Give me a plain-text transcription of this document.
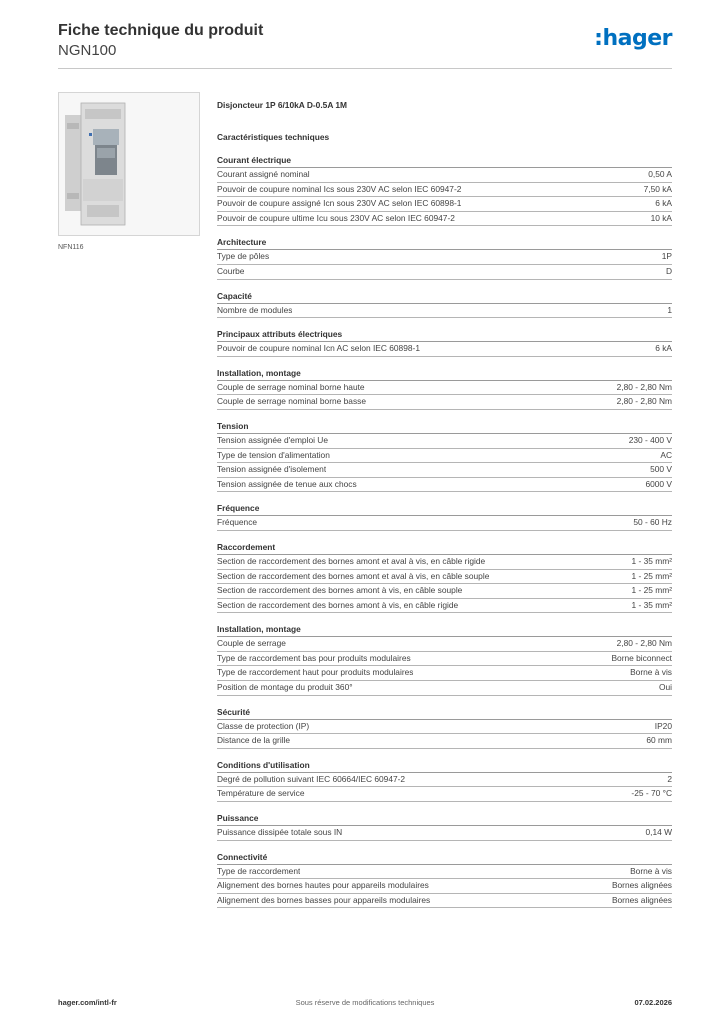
Fiche technique du produit
NGN100	:hager
NFN116
Disjoncteur 1P 6/10kA D-0.5A 1M
Caractéristiques techniques
Courant électrique
Courant assigné nominal	0,50 A
Pouvoir de coupure nominal Ics sous 230V AC selon IEC 60947-2	7,50 kA
Pouvoir de coupure assigné Icn sous 230V AC selon IEC 60898-1	6 kA
Pouvoir de coupure ultime Icu sous 230V AC selon IEC 60947-2	10 kA
Architecture
Type de pôles	1P
Courbe	D
Capacité
Nombre de modules	1
Principaux attributs électriques
Pouvoir de coupure nominal Icn AC selon IEC 60898-1	6 kA
Installation, montage
Couple de serrage nominal borne haute	2,80 - 2,80 Nm
Couple de serrage nominal borne basse	2,80 - 2,80 Nm
Tension
Tension assignée d'emploi Ue	230 - 400 V
Type de tension d'alimentation	AC
Tension assignée d'isolement	500 V
Tension assignée de tenue aux chocs	6000 V
Fréquence
Fréquence	50 - 60 Hz
Raccordement
Section de raccordement des bornes amont et aval à vis, en câble rigide	1 - 35 mm²
Section de raccordement des bornes amont et aval à vis, en câble souple	1 - 25 mm²
Section de raccordement des bornes amont à vis, en câble souple	1 - 25 mm²
Section de raccordement des bornes amont à vis, en câble rigide	1 - 35 mm²
Installation, montage
Couple de serrage	2,80 - 2,80 Nm
Type de raccordement bas pour produits modulaires	Borne biconnect
Type de raccordement haut pour produits modulaires	Borne à vis
Position de montage du produit 360°	Oui
Sécurité
Classe de protection (IP)	IP20
Distance de la grille	60 mm
Conditions d'utilisation
Degré de pollution suivant IEC 60664/IEC 60947-2	2
Température de service	-25 - 70 °C
Puissance
Puissance dissipée totale sous IN	0,14 W
Connectivité
Type de raccordement	Borne à vis
Alignement des bornes hautes pour appareils modulaires	Bornes alignées
Alignement des bornes basses pour appareils modulaires	Bornes alignées
hager.com/intl-fr	Sous réserve de modifications techniques	07.02.2026
